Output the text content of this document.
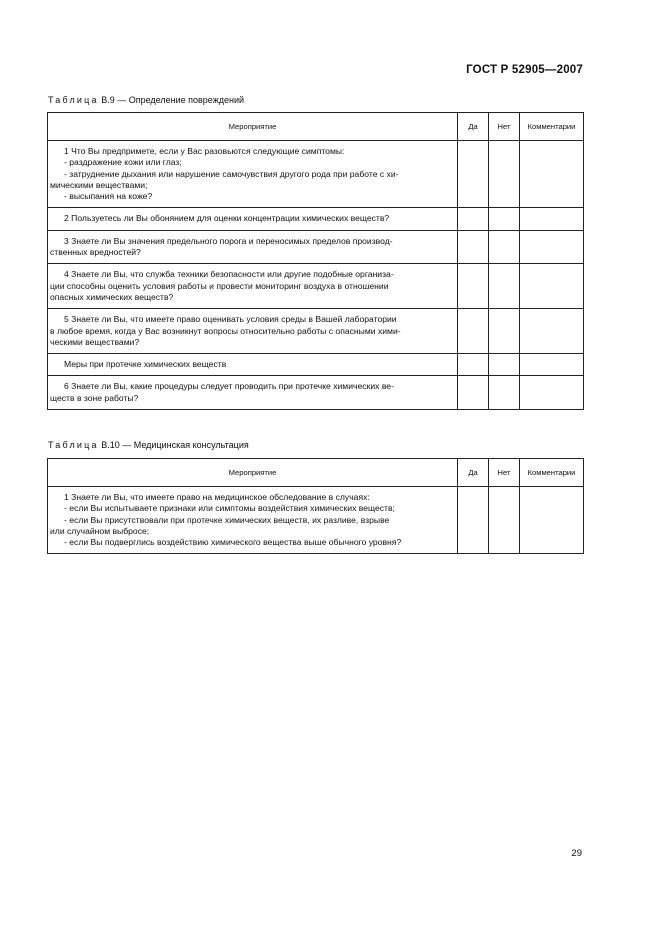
ГОСТ Р 52905—2007
Таблица В.9 — Определение повреждений
Мероприятие	Да	Нет	Комментарии

1 Что Вы предпримете, если у Вас разовьются следующие симптомы:
- раздражение кожи или глаз;
- затруднение дыхания или нарушение самочувствия другого рода при работе с хи-
мическими веществами;
- высыпания на коже?			

2 Пользуетесь ли Вы обонянием для оценки концентрации химических веществ?			

3 Знаете ли Вы значения предельного порога и переносимых пределов производ-
ственных вредностей?			

4 Знаете ли Вы, что служба техники безопасности или другие подобные организа-
ции способны оценить условия работы и провести мониторинг воздуха в отношении
опасных химических веществ?			

5 Знаете ли Вы, что имеете право оценивать условия среды в Вашей лаборатории
в любое время, когда у Вас возникнут вопросы относительно работы с опасными хими-
ческими веществами?			

Меры при протечке химических веществ			

6 Знаете ли Вы, какие процедуры следует проводить при протечке химических ве-
ществ в зоне работы?			

Таблица В.10 — Медицинская консультация
Мероприятие	Да	Нет	Комментарии

1 Знаете ли Вы, что имеете право на медицинское обследование в случаях:
- если Вы испытываете признаки или симптомы воздействия химических веществ;
- если Вы присутствовали при протечке химических веществ, их разливе, взрыве
или случайном выбросе;
- если Вы подверглись воздействию химического вещества выше обычного уровня?			

29
